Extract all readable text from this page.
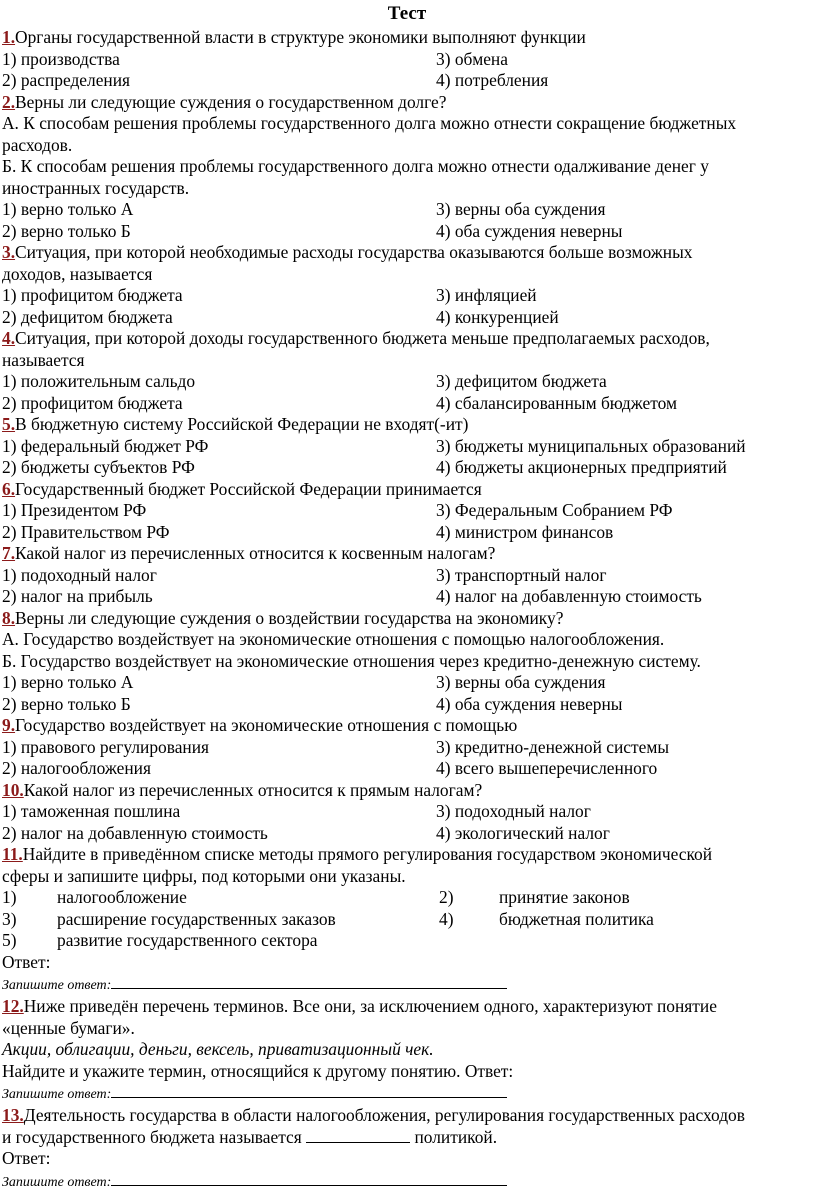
Тест
1.Органы государственной власти в структуре экономики выполняют функции
1) производства	3) обмена
2) распределения	4) потребления
2.Верны ли следующие суждения о государственном долге?
А. К способам решения проблемы государственного долга можно отнести сокращение бюджетных
расходов.
Б. К способам решения проблемы государственного долга можно отнести одалживание денег у
иностранных государств.
1) верно только А	3) верны оба суждения
2) верно только Б	4) оба суждения неверны
3.Ситуация, при которой необходимые расходы государства оказываются больше возможных
доходов, называется
1) профицитом бюджета	3) инфляцией
2) дефицитом бюджета	4) конкуренцией
4.Ситуация, при которой доходы государственного бюджета меньше предполагаемых расходов,
называется
1) положительным сальдо	3) дефицитом бюджета
2) профицитом бюджета	4) сбалансированным бюджетом
5.В бюджетную систему Российской Федерации не входят(-ит)
1) федеральный бюджет РФ	3) бюджеты муниципальных образований
2) бюджеты субъектов РФ	4) бюджеты акционерных предприятий
6.Государственный бюджет Российской Федерации принимается
1) Президентом РФ	3) Федеральным Собранием РФ
2) Правительством РФ	4) министром финансов
7.Какой налог из перечисленных относится к косвенным налогам?
1) подоходный налог	3) транспортный налог
2) налог на прибыль	4) налог на добавленную стоимость
8.Верны ли следующие суждения о воздействии государства на экономику?
А. Государство воздействует на экономические отношения с помощью налогообложения.
Б. Государство воздействует на экономические отношения через кредитно-денежную систему.
1) верно только А	3) верны оба суждения
2) верно только Б	4) оба суждения неверны
9.Государство воздействует на экономические отношения с помощью
1) правового регулирования	3) кредитно-денежной системы
2) налогообложения	4) всего вышеперечисленного
10.Какой налог из перечисленных относится к прямым налогам?
1) таможенная пошлина	3) подоходный налог
2) налог на добавленную стоимость	4) экологический налог
11.Найдите в приведённом списке методы прямого регулирования государством экономической
сферы и запишите цифры, под которыми они указаны.
1)	налогообложение	2)	принятие законов
3)	расширение государственных заказов	4)	бюджетная политика
5)	развитие государственного сектора
Ответ:
Запишите ответ:
12.Ниже приведён перечень терминов. Все они, за исключением одного, характеризуют понятие
«ценные бумаги».
Акции, облигации, деньги, вексель, приватизационный чек.
Найдите и укажите термин, относящийся к другому понятию. Ответ:
Запишите ответ:
13.Деятельность государства в области налогообложения, регулирования государственных расходов
и государственного бюджета называется	политикой.
Ответ:
Запишите ответ:
